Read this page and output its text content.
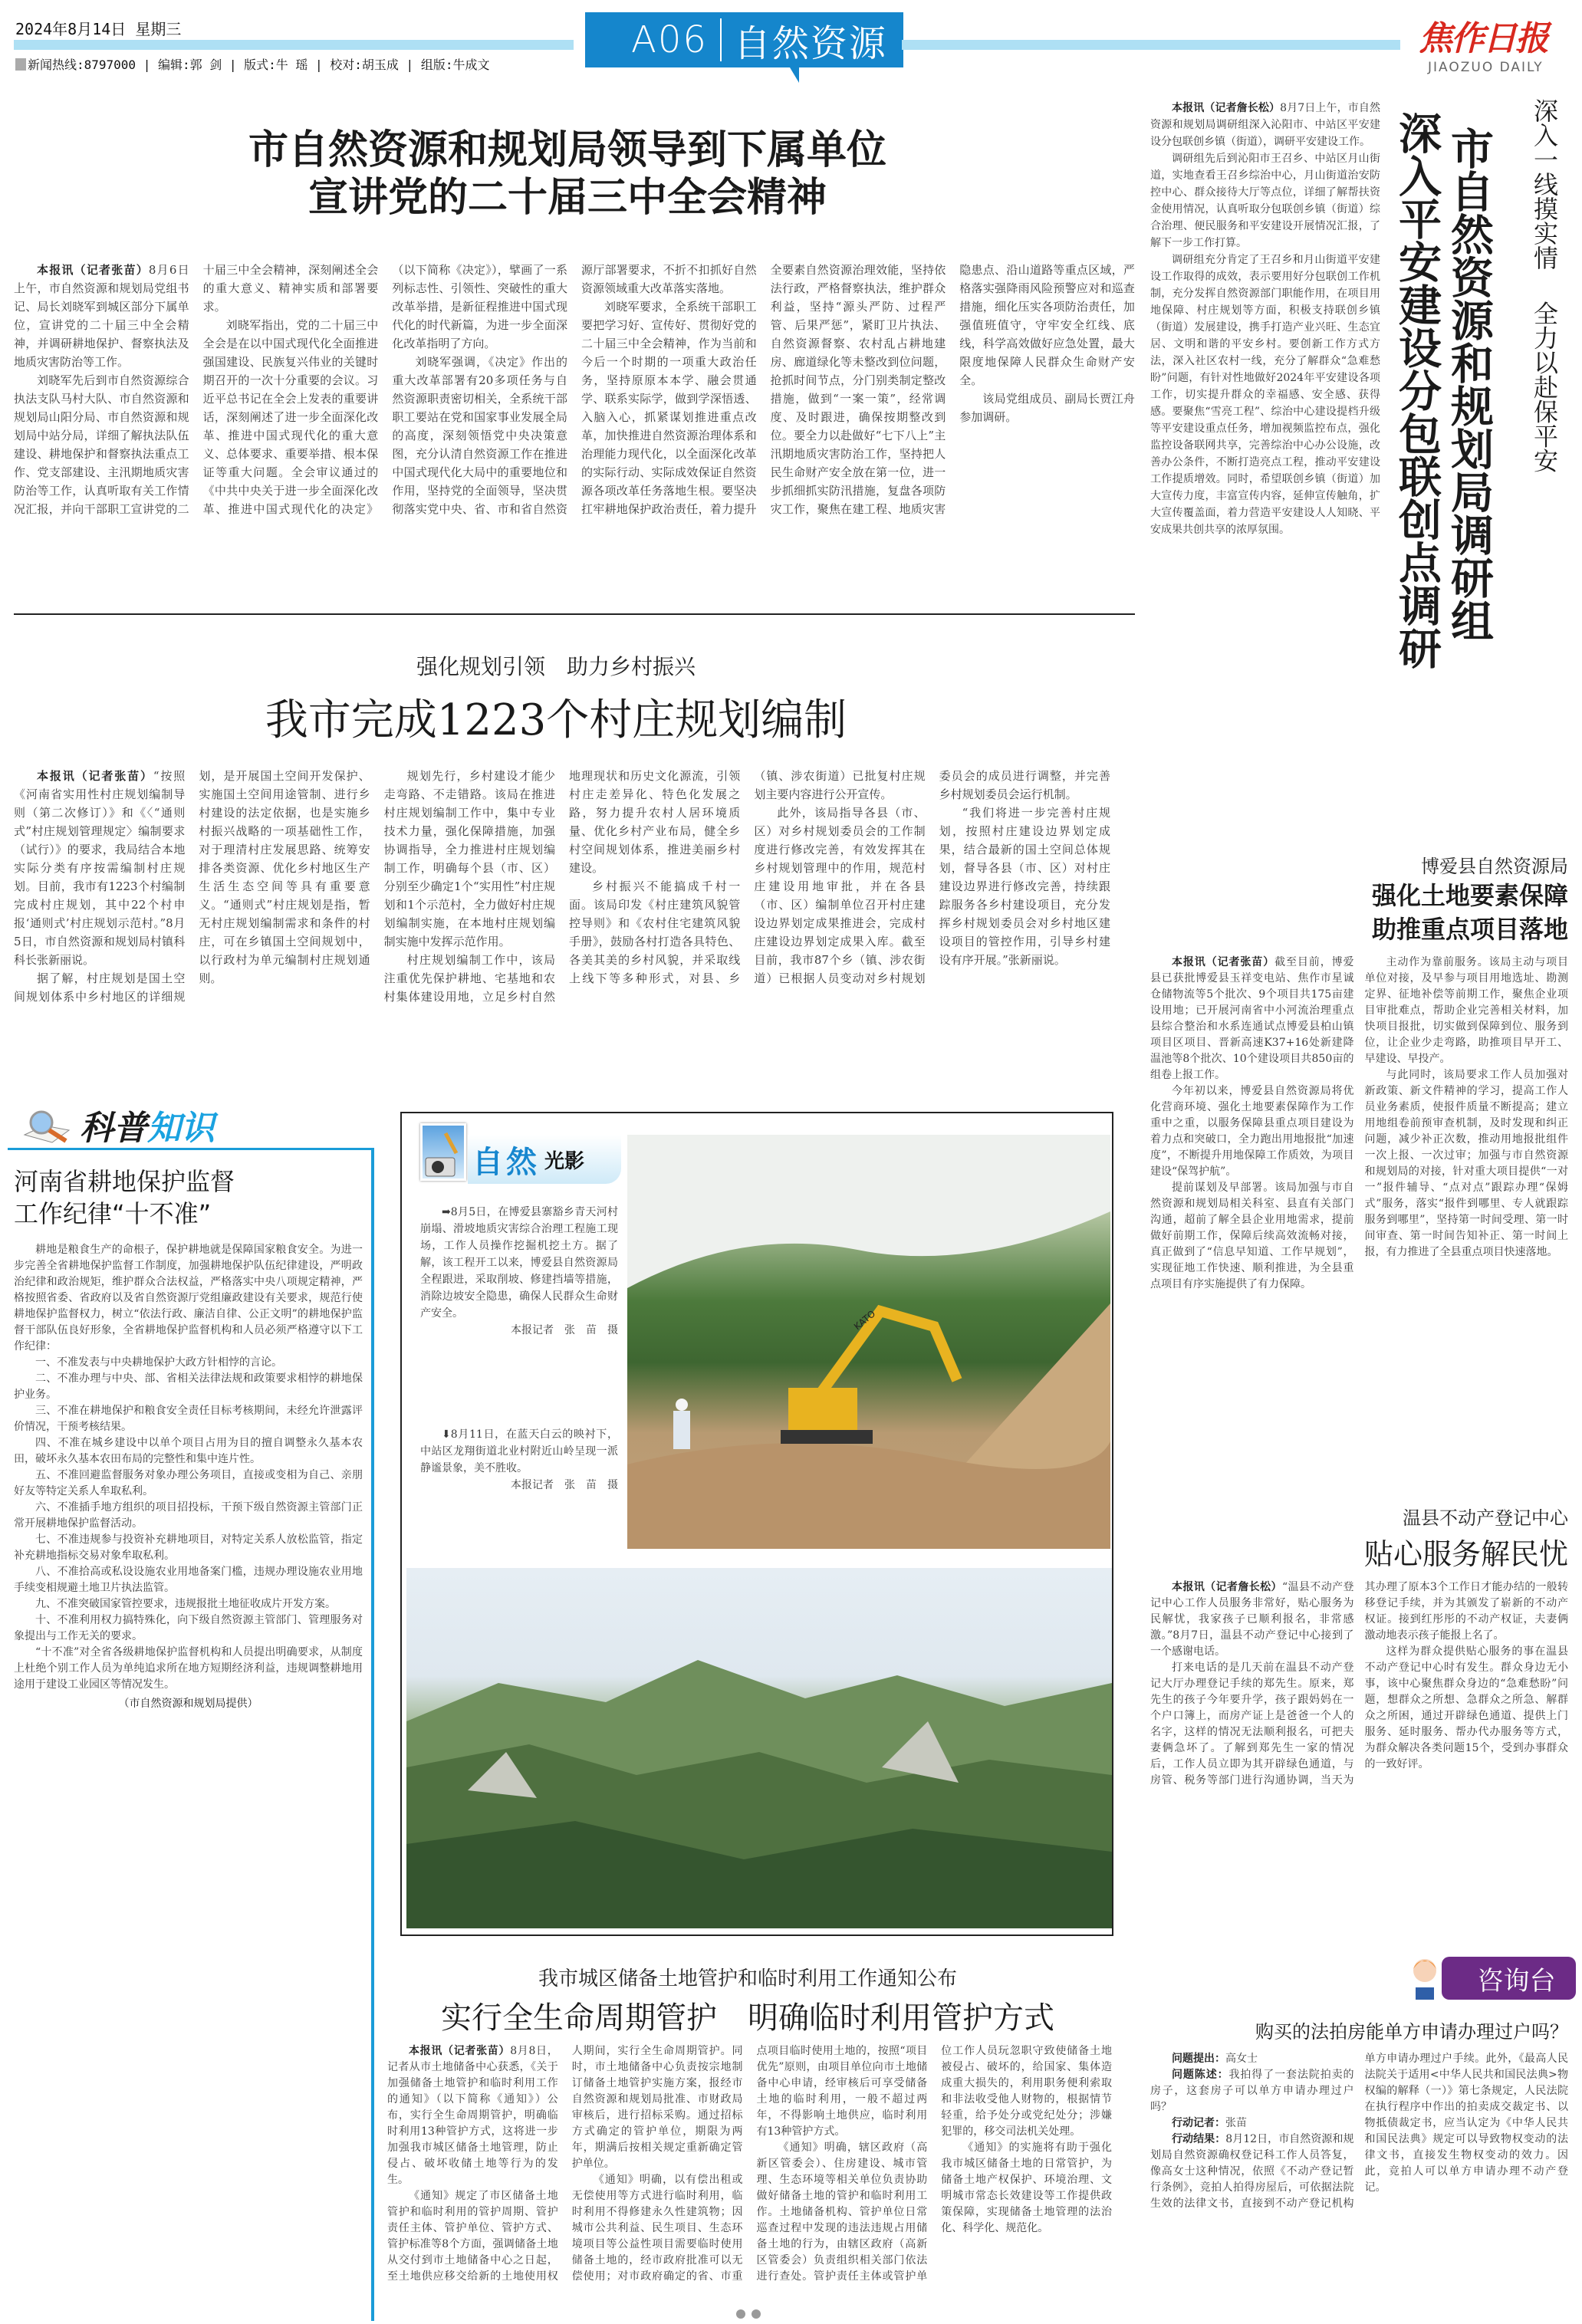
2024年8月14日 星期三
新闻热线:8797000 | 编辑:郭 剑 | 版式:牛 瑶 | 校对:胡玉成 | 组版:牛成文
A06 自然资源	焦作日报
JIAOZUO DAILY
市自然资源和规划局领导到下属单位
宣讲党的二十届三中全会精神

本报讯（记者张苗）8月6日上午，市自然资源和规划局党组书记、局长刘晓军到城区部分下属单位，宣讲党的二十届三中全会精神，并调研耕地保护、督察执法及地质灾害防治等工作。

刘晓军先后到市自然资源综合执法支队马村大队、市自然资源和规划局山阳分局、市自然资源和规划局中站分局，详细了解执法队伍建设、耕地保护和督察执法重点工作、党支部建设、主汛期地质灾害防治等工作，认真听取有关工作情况汇报，并向干部职工宣讲党的二十届三中全会精神，深刻阐述全会的重大意义、精神实质和部署要求。

刘晓军指出，党的二十届三中全会是在以中国式现代化全面推进强国建设、民族复兴伟业的关键时期召开的一次十分重要的会议。习近平总书记在全会上发表的重要讲话，深刻阐述了进一步全面深化改革、推进中国式现代化的重大意义、总体要求、重要举措、根本保证等重大问题。全会审议通过的《中共中央关于进一步全面深化改革、推进中国式现代化的决定》（以下简称《决定》），擘画了一系列标志性、引领性、突破性的重大改革举措，是新征程推进中国式现代化的时代新篇，为进一步全面深化改革指明了方向。

刘晓军强调，《决定》作出的重大改革部署有20多项任务与自然资源职责密切相关，全系统干部职工要站在党和国家事业发展全局的高度，深刻领悟党中央决策意图，充分认清自然资源工作在推进中国式现代化大局中的重要地位和作用，坚持党的全面领导，坚决贯彻落实党中央、省、市和省自然资源厅部署要求，不折不扣抓好自然资源领域重大改革落实落地。

刘晓军要求，全系统干部职工要把学习好、宣传好、贯彻好党的二十届三中全会精神，作为当前和今后一个时期的一项重大政治任务，坚持原原本本学、融会贯通学、联系实际学，做到学深悟透、入脑入心，抓紧谋划推进重点改革，加快推进自然资源治理体系和治理能力现代化，以全面深化改革的实际行动、实际成效保证自然资源各项改革任务落地生根。要坚决扛牢耕地保护政治责任，着力提升全要素自然资源治理效能，坚持依法行政，严格督察执法，维护群众利益，坚持“源头严防、过程严管、后果严惩”，紧盯卫片执法、自然资源督察、农村乱占耕地建房、廊道绿化等未整改到位问题，抢抓时间节点，分门别类制定整改措施，做到“一案一策”，经常调度、及时跟进，确保按期整改到位。要全力以赴做好“七下八上”主汛期地质灾害防治工作，坚持把人民生命财产安全放在第一位，进一步抓细抓实防汛措施，复盘各项防灾工作，聚焦在建工程、地质灾害隐患点、沿山道路等重点区域，严格落实强降雨风险预警应对和巡查措施，细化压实各项防治责任，加强值班值守，守牢安全红线、底线，科学高效做好应急处置，最大限度地保障人民群众生命财产安全。

该局党组成员、副局长贾江舟参加调研。

本报讯（记者詹长松）8月7日上午，市自然资源和规划局调研组深入沁阳市、中站区平安建设分包联创乡镇（街道），调研平安建设工作。

调研组先后到沁阳市王召乡、中站区月山街道，实地查看王召乡综治中心，月山街道治安防控中心、群众接待大厅等点位，详细了解帮扶资金使用情况，认真听取分包联创乡镇（街道）综合治理、便民服务和平安建设开展情况汇报，了解下一步工作打算。

调研组充分肯定了王召乡和月山街道平安建设工作取得的成效，表示要用好分包联创工作机制，充分发挥自然资源部门职能作用，在项目用地保障、村庄规划等方面，积极支持联创乡镇（街道）发展建设，携手打造产业兴旺、生态宜居、文明和谐的平安乡村。要创新工作方式方法，深入社区农村一线，充分了解群众“急难愁盼”问题，有针对性地做好2024年平安建设各项工作，切实提升群众的幸福感、安全感、获得感。要聚焦“雪亮工程”、综治中心建设提档升级等平安建设重点任务，增加视频监控布点，强化监控设备联网共享，完善综治中心办公设施，改善办公条件，不断打造亮点工程，推动平安建设工作提质增效。同时，希望联创乡镇（街道）加大宣传力度，丰富宣传内容，延伸宣传触角，扩大宣传覆盖面，着力营造平安建设人人知晓、平安成果共创共享的浓厚氛围。	深入平安建设分包联创点调研 市自然资源和规划局调研组 深入一线摸实情 全力以赴保平安
强化规划引领　助力乡村振兴
我市完成1223个村庄规划编制

本报讯（记者张苗）“按照《河南省实用性村庄规划编制导则（第二次修订）》和《〈“通则式”村庄规划管理规定〉编制要求（试行）》的要求，我局结合本地实际分类有序按需编制村庄规划。目前，我市有1223个村编制完成村庄规划，其中22个村申报‘通则式’村庄规划示范村。”8月5日，市自然资源和规划局村镇科科长张新丽说。

据了解，村庄规划是国土空间规划体系中乡村地区的详细规划，是开展国土空间开发保护、实施国土空间用途管制、进行乡村建设的法定依据，也是实施乡村振兴战略的一项基础性工作，对于理清村庄发展思路、统筹安排各类资源、优化乡村地区生产生活生态空间等具有重要意义。“通则式”村庄规划是指，暂无村庄规划编制需求和条件的村庄，可在乡镇国土空间规划中，以行政村为单元编制村庄规划通则。

规划先行，乡村建设才能少走弯路、不走错路。该局在推进村庄规划编制工作中，集中专业技术力量，强化保障措施，加强协调指导，全力推进村庄规划编制工作，明确每个县（市、区）分别至少确定1个“实用性”村庄规划和1个示范村，全力做好村庄规划编制实施，在本地村庄规划编制实施中发挥示范作用。

村庄规划编制工作中，该局注重优先保护耕地、宅基地和农村集体建设用地，立足乡村自然地理现状和历史文化源流，引领村庄走差异化、特色化发展之路，努力提升农村人居环境质量、优化乡村产业布局，健全乡村空间规划体系，推进美丽乡村建设。

乡村振兴不能搞成千村一面。该局印发《村庄建筑风貌管控导则》和《农村住宅建筑风貌手册》，鼓励各村打造各具特色、各美其美的乡村风貌，并采取线上线下等多种形式，对县、乡（镇、涉农街道）已批复村庄规划主要内容进行公开宣传。

此外，该局指导各县（市、区）对乡村规划委员会的工作制度进行修改完善，有效发挥其在乡村规划管理中的作用，规范村庄建设用地审批，并在各县（市、区）编制单位召开村庄建设边界划定成果推进会，完成村庄建设边界划定成果入库。截至目前，我市87个乡（镇、涉农街道）已根据人员变动对乡村规划委员会的成员进行调整，并完善乡村规划委员会运行机制。

“我们将进一步完善村庄规划，按照村庄建设边界划定成果，结合最新的国土空间总体规划，督导各县（市、区）对村庄建设边界进行修改完善，持续跟踪服务各乡村建设项目，充分发挥乡村规划委员会对乡村地区建设项目的管控作用，引导乡村建设有序开展。”张新丽说。

博爱县自然资源局
强化土地要素保障
助推重点项目落地

本报讯（记者张苗）截至目前，博爱县已获批博爱县玉祥变电站、焦作市星诚仓储物流等5个批次、9个项目共175亩建设用地；已开展河南省中小河流治理重点县综合整治和水系连通试点博爱县柏山镇项目区项目、晋新高速K37+16处新建降温池等8个批次、10个建设项目共850亩的组卷上报工作。

今年初以来，博爱县自然资源局将优化营商环境、强化土地要素保障作为工作重中之重，以服务保障县重点项目建设为着力点和突破口，全力跑出用地报批“加速度”，不断提升用地保障工作质效，为项目建设“保驾护航”。

提前谋划及早部署。该局加强与市自然资源和规划局相关科室、县直有关部门沟通，超前了解全县企业用地需求，提前做好前期工作，保障后续高效流畅对接，真正做到了“信息早知道、工作早规划”，实现征地工作快速、顺利推进，为全县重点项目有序实施提供了有力保障。

主动作为靠前服务。该局主动与项目单位对接，及早参与项目用地选址、勘测定界、征地补偿等前期工作，聚焦企业项目审批难点，帮助企业完善相关材料，加快项目报批，切实做到保障到位、服务到位，让企业少走弯路，助推项目早开工、早建设、早投产。

与此同时，该局要求工作人员加强对新政策、新文件精神的学习，提高工作人员业务素质，使报件质量不断提高；建立用地组卷前预审查机制，及时发现和纠正问题，减少补正次数，推动用地报批组件一次上报、一次过审；加强与市自然资源和规划局的对接，针对重大项目提供“一对一”报件辅导、“点对点”跟踪办理“保姆式”服务，落实“报件到哪里、专人就跟踪服务到哪里”，坚持第一时间受理、第一时间审查、第一时间告知补正、第一时间上报，有力推进了全县重点项目快速落地。

科普知识
河南省耕地保护监督
工作纪律“十不准”

耕地是粮食生产的命根子，保护耕地就是保障国家粮食安全。为进一步完善全省耕地保护监督工作制度，加强耕地保护队伍纪律建设，严明政治纪律和政治规矩，维护群众合法权益，严格落实中央八项规定精神，严格按照省委、省政府以及省自然资源厅党组廉政建设有关要求，规范行使耕地保护监督权力，树立“依法行政、廉洁自律、公正文明”的耕地保护监督干部队伍良好形象，全省耕地保护监督机构和人员必须严格遵守以下工作纪律：

一、不准发表与中央耕地保护大政方针相悖的言论。

二、不准办理与中央、部、省相关法律法规和政策要求相悖的耕地保护业务。

三、不准在耕地保护和粮食安全责任目标考核期间，未经允许泄露评价情况，干预考核结果。

四、不准在城乡建设中以单个项目占用为目的擅自调整永久基本农田，破坏永久基本农田布局的完整性和集中连片性。

五、不准回避监督服务对象办理公务项目，直接或变相为自己、亲朋好友等特定关系人牟取私利。

六、不准插手地方组织的项目招投标，干预下级自然资源主管部门正常开展耕地保护监督活动。

七、不准违规参与投资补充耕地项目，对特定关系人放松监管，指定补充耕地指标交易对象牟取私利。

八、不准拾高或私设设施农业用地备案门槛，违规办理设施农业用地手续变相规避土地卫片执法监管。

九、不准突破国家管控要求，违规报批土地征收成片开发方案。

十、不准利用权力搞特殊化，向下级自然资源主管部门、管理服务对象提出与工作无关的要求。

“十不准”对全省各级耕地保护监督机构和人员提出明确要求，从制度上杜绝个别工作人员为单纯追求所在地方短期经济利益，违规调整耕地用途用于建设工业园区等情况发生。

（市自然资源和规划局提供）
自然 光影

➡8月5日，在博爱县寨豁乡青天河村崩塌、滑坡地质灾害综合治理工程施工现场，工作人员操作挖掘机挖土方。据了解，该工程开工以来，博爱县自然资源局全程跟进，采取削坡、修建挡墙等措施，消除边坡安全隐患，确保人民群众生命财产安全。

本报记者　张　苗　摄

⬇8月11日，在蓝天白云的映衬下，中站区龙翔街道北业村附近山岭呈现一派静谧景象，美不胜收。

本报记者　张　苗　摄

KATO
温县不动产登记中心
贴心服务解民忧

本报讯（记者詹长松）“温县不动产登记中心工作人员服务非常好，贴心服务为民解忧，我家孩子已顺利报名，非常感激。”8月7日，温县不动产登记中心接到了一个感谢电话。

打来电话的是几天前在温县不动产登记大厅办理登记手续的郑先生。原来，郑先生的孩子今年要升学，孩子跟妈妈在一个户口簿上，而房产证上是爸爸一个人的名字，这样的情况无法顺利报名，可把夫妻俩急坏了。了解到郑先生一家的情况后，工作人员立即为其开辟绿色通道，与房管、税务等部门进行沟通协调，当天为其办理了原本3个工作日才能办结的一般转移登记手续，并为其颁发了崭新的不动产权证。接到红彤彤的不动产权证，夫妻俩激动地表示孩子能报上名了。

这样为群众提供贴心服务的事在温县不动产登记中心时有发生。群众身边无小事，该中心聚焦群众身边的“急难愁盼”问题，想群众之所想、急群众之所急、解群众之所困，通过开辟绿色通道、提供上门服务、延时服务、帮办代办服务等方式，为群众解决各类问题15个，受到办事群众的一致好评。

我市城区储备土地管护和临时利用工作通知公布
实行全生命周期管护　明确临时利用管护方式

本报讯（记者张苗）8月8日，记者从市土地储备中心获悉，《关于加强储备土地管护和临时利用工作的通知》（以下简称《通知》）公布，实行全生命周期管护，明确临时利用13种管护方式，这将进一步加强我市城区储备土地管理，防止侵占、破坏收储土地等行为的发生。

《通知》规定了市区储备土地管护和临时利用的管护周期、管护责任主体、管护单位、管护方式、管护标准等8个方面，强调储备土地从交付到市土地储备中心之日起，至土地供应移交给新的土地使用权人期间，实行全生命周期管护。同时，市土地储备中心负责按宗地制订储备土地管护实施方案，报经市自然资源和规划局批准、市财政局审核后，进行招标采购。通过招标方式确定的管护单位，期限为两年，期满后按相关规定重新确定管护单位。

《通知》明确，以有偿出租或无偿使用等方式进行临时利用，临时利用不得修建永久性建筑物；因城市公共利益、民生项目、生态环境项目等公益性项目需要临时使用储备土地的，经市政府批准可以无偿使用；对市政府确定的省、市重点项目临时使用土地的，按照“项目优先”原则，由项目单位向市土地储备中心申请，经审核后可享受储备土地的临时利用，一般不超过两年，不得影响土地供应，临时利用有13种管护方式。

《通知》明确，辖区政府（高新区管委会）、住房建设、城市管理、生态环境等相关单位负责协助做好储备土地的管护和临时利用工作。土地储备机构、管护单位日常巡查过程中发现的违法违规占用储备土地的行为，由辖区政府（高新区管委会）负责组织相关部门依法进行查处。管护责任主体或管护单位工作人员玩忽职守致使储备土地被侵占、破坏的，给国家、集体造成重大损失的，利用职务便利索取和非法收受他人财物的，根据情节轻重，给予处分或党纪处分；涉嫌犯罪的，移交司法机关处理。

《通知》的实施将有助于强化我市城区储备土地的日常管护，为储备土地产权保护、环境治理、文明城市常态长效建设等工作提供政策保障，实现储备土地管理的法治化、科学化、规范化。

咨询台
购买的法拍房能单方申请办理过户吗？

问题提出：高女士

问题陈述：我拍得了一套法院拍卖的房子，这套房子可以单方申请办理过户吗？

行动记者：张苗

行动结果：8月12日，市自然资源和规划局自然资源确权登记科工作人员答复，像高女士这种情况，依照《不动产登记暂行条例》，竞拍人拍得房屋后，可依据法院生效的法律文书，直接到不动产登记机构单方申请办理过户手续。此外，《最高人民法院关于适用<中华人民共和国民法典>物权编的解释（一）》第七条规定，人民法院在执行程序中作出的拍卖成交裁定书、以物抵债裁定书，应当认定为《中华人民共和国民法典》规定可以导致物权变动的法律文书，直接发生物权变动的效力。因此，竞拍人可以单方申请办理不动产登记。
